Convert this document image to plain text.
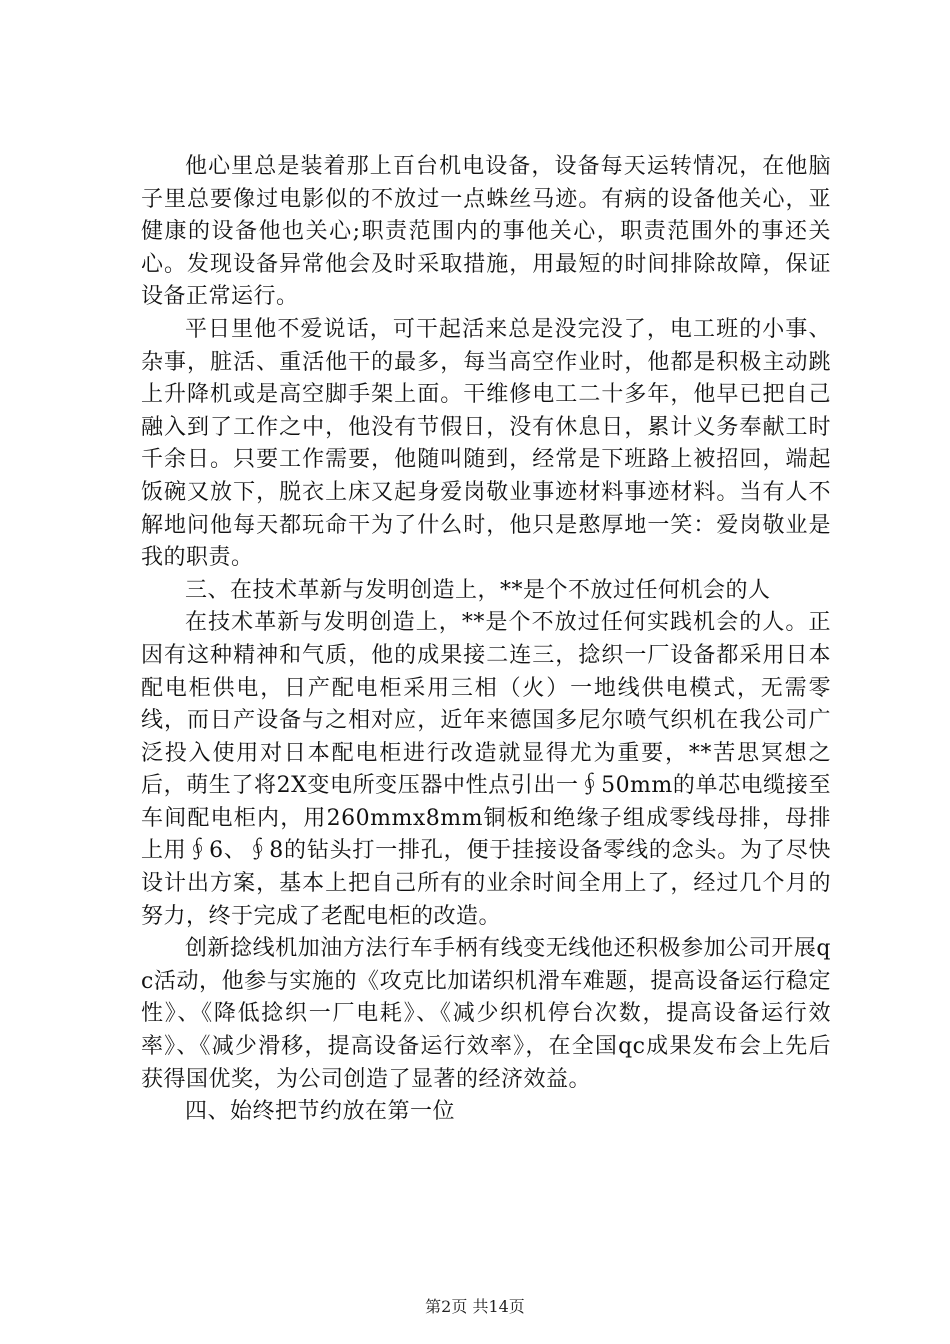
他心里总是装着那上百台机电设备，设备每天运转情况，在他脑子里总要像过电影似的不放过一点蛛丝马迹。有病的设备他关心，亚健康的设备他也关心;职责范围内的事他关心，职责范围外的事还关心。发现设备异常他会及时采取措施，用最短的时间排除故障，保证设备正常运行。

平日里他不爱说话，可干起活来总是没完没了，电工班的小事、杂事，脏活、重活他干的最多，每当高空作业时，他都是积极主动跳上升降机或是高空脚手架上面。干维修电工二十多年，他早已把自己融入到了工作之中，他没有节假日，没有休息日，累计义务奉献工时千余日。只要工作需要，他随叫随到，经常是下班路上被招回，端起饭碗又放下，脱衣上床又起身爱岗敬业事迹材料事迹材料。当有人不解地问他每天都玩命干为了什么时，他只是憨厚地一笑：爱岗敬业是我的职责。

三、在技术革新与发明创造上，**是个不放过任何机会的人

在技术革新与发明创造上，**是个不放过任何实践机会的人。正因有这种精神和气质，他的成果接二连三，捻织一厂设备都采用日本配电柜供电，日产配电柜采用三相（火）一地线供电模式，无需零线，而日产设备与之相对应，近年来德国多尼尔喷气织机在我公司广泛投入使用对日本配电柜进行改造就显得尤为重要，**苦思冥想之后，萌生了将2X变电所变压器中性点引出一∮50mm的单芯电缆接至车间配电柜内，用260mmx8mm铜板和绝缘子组成零线母排，母排上用∮6、∮8的钻头打一排孔，便于挂接设备零线的念头。为了尽快设计出方案，基本上把自己所有的业余时间全用上了，经过几个月的努力，终于完成了老配电柜的改造。

创新捻线机加油方法行车手柄有线变无线他还积极参加公司开展qc活动，他参与实施的《攻克比加诺织机滑车难题，提高设备运行稳定性》、《降低捻织一厂电耗》、《减少织机停台次数，提高设备运行效率》、《减少滑移，提高设备运行效率》，在全国qc成果发布会上先后获得国优奖，为公司创造了显著的经济效益。

四、始终把节约放在第一位

第2页 共14页
